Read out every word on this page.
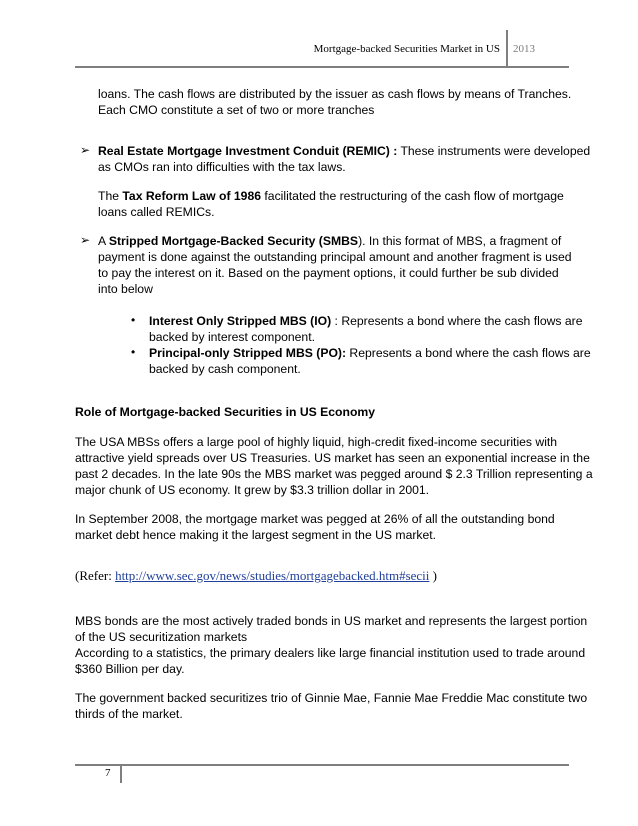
Mortgage-backed Securities Market in US 2013
loans. The cash flows are distributed by the issuer as cash flows by means of Tranches.
Each CMO constitute a set of two or more tranches
➢ Real Estate Mortgage Investment Conduit (REMIC) : These instruments were developed
as CMOs ran into difficulties with the tax laws.
The Tax Reform Law of 1986 facilitated the restructuring of the cash flow of mortgage
loans called REMICs.
➢ A Stripped Mortgage-Backed Security (SMBS). In this format of MBS, a fragment of
payment is done against the outstanding principal amount and another fragment is used
to pay the interest on it. Based on the payment options, it could further be sub divided
into below
• Interest Only Stripped MBS (IO) : Represents a bond where the cash flows are
backed by interest component.
• Principal-only Stripped MBS (PO): Represents a bond where the cash flows are
backed by cash component.
Role of Mortgage-backed Securities in US Economy
The USA MBSs offers a large pool of highly liquid, high-credit fixed-income securities with
attractive yield spreads over US Treasuries. US market has seen an exponential increase in the
past 2 decades. In the late 90s the MBS market was pegged around $ 2.3 Trillion representing a
major chunk of US economy. It grew by $3.3 trillion dollar in 2001.
In September 2008, the mortgage market was pegged at 26% of all the outstanding bond
market debt hence making it the largest segment in the US market.
(Refer: http://www.sec.gov/news/studies/mortgagebacked.htm#secii )
MBS bonds are the most actively traded bonds in US market and represents the largest portion
of the US securitization markets
According to a statistics, the primary dealers like large financial institution used to trade around
$360 Billion per day.
The government backed securitizes trio of Ginnie Mae, Fannie Mae Freddie Mac constitute two
thirds of the market.
7
